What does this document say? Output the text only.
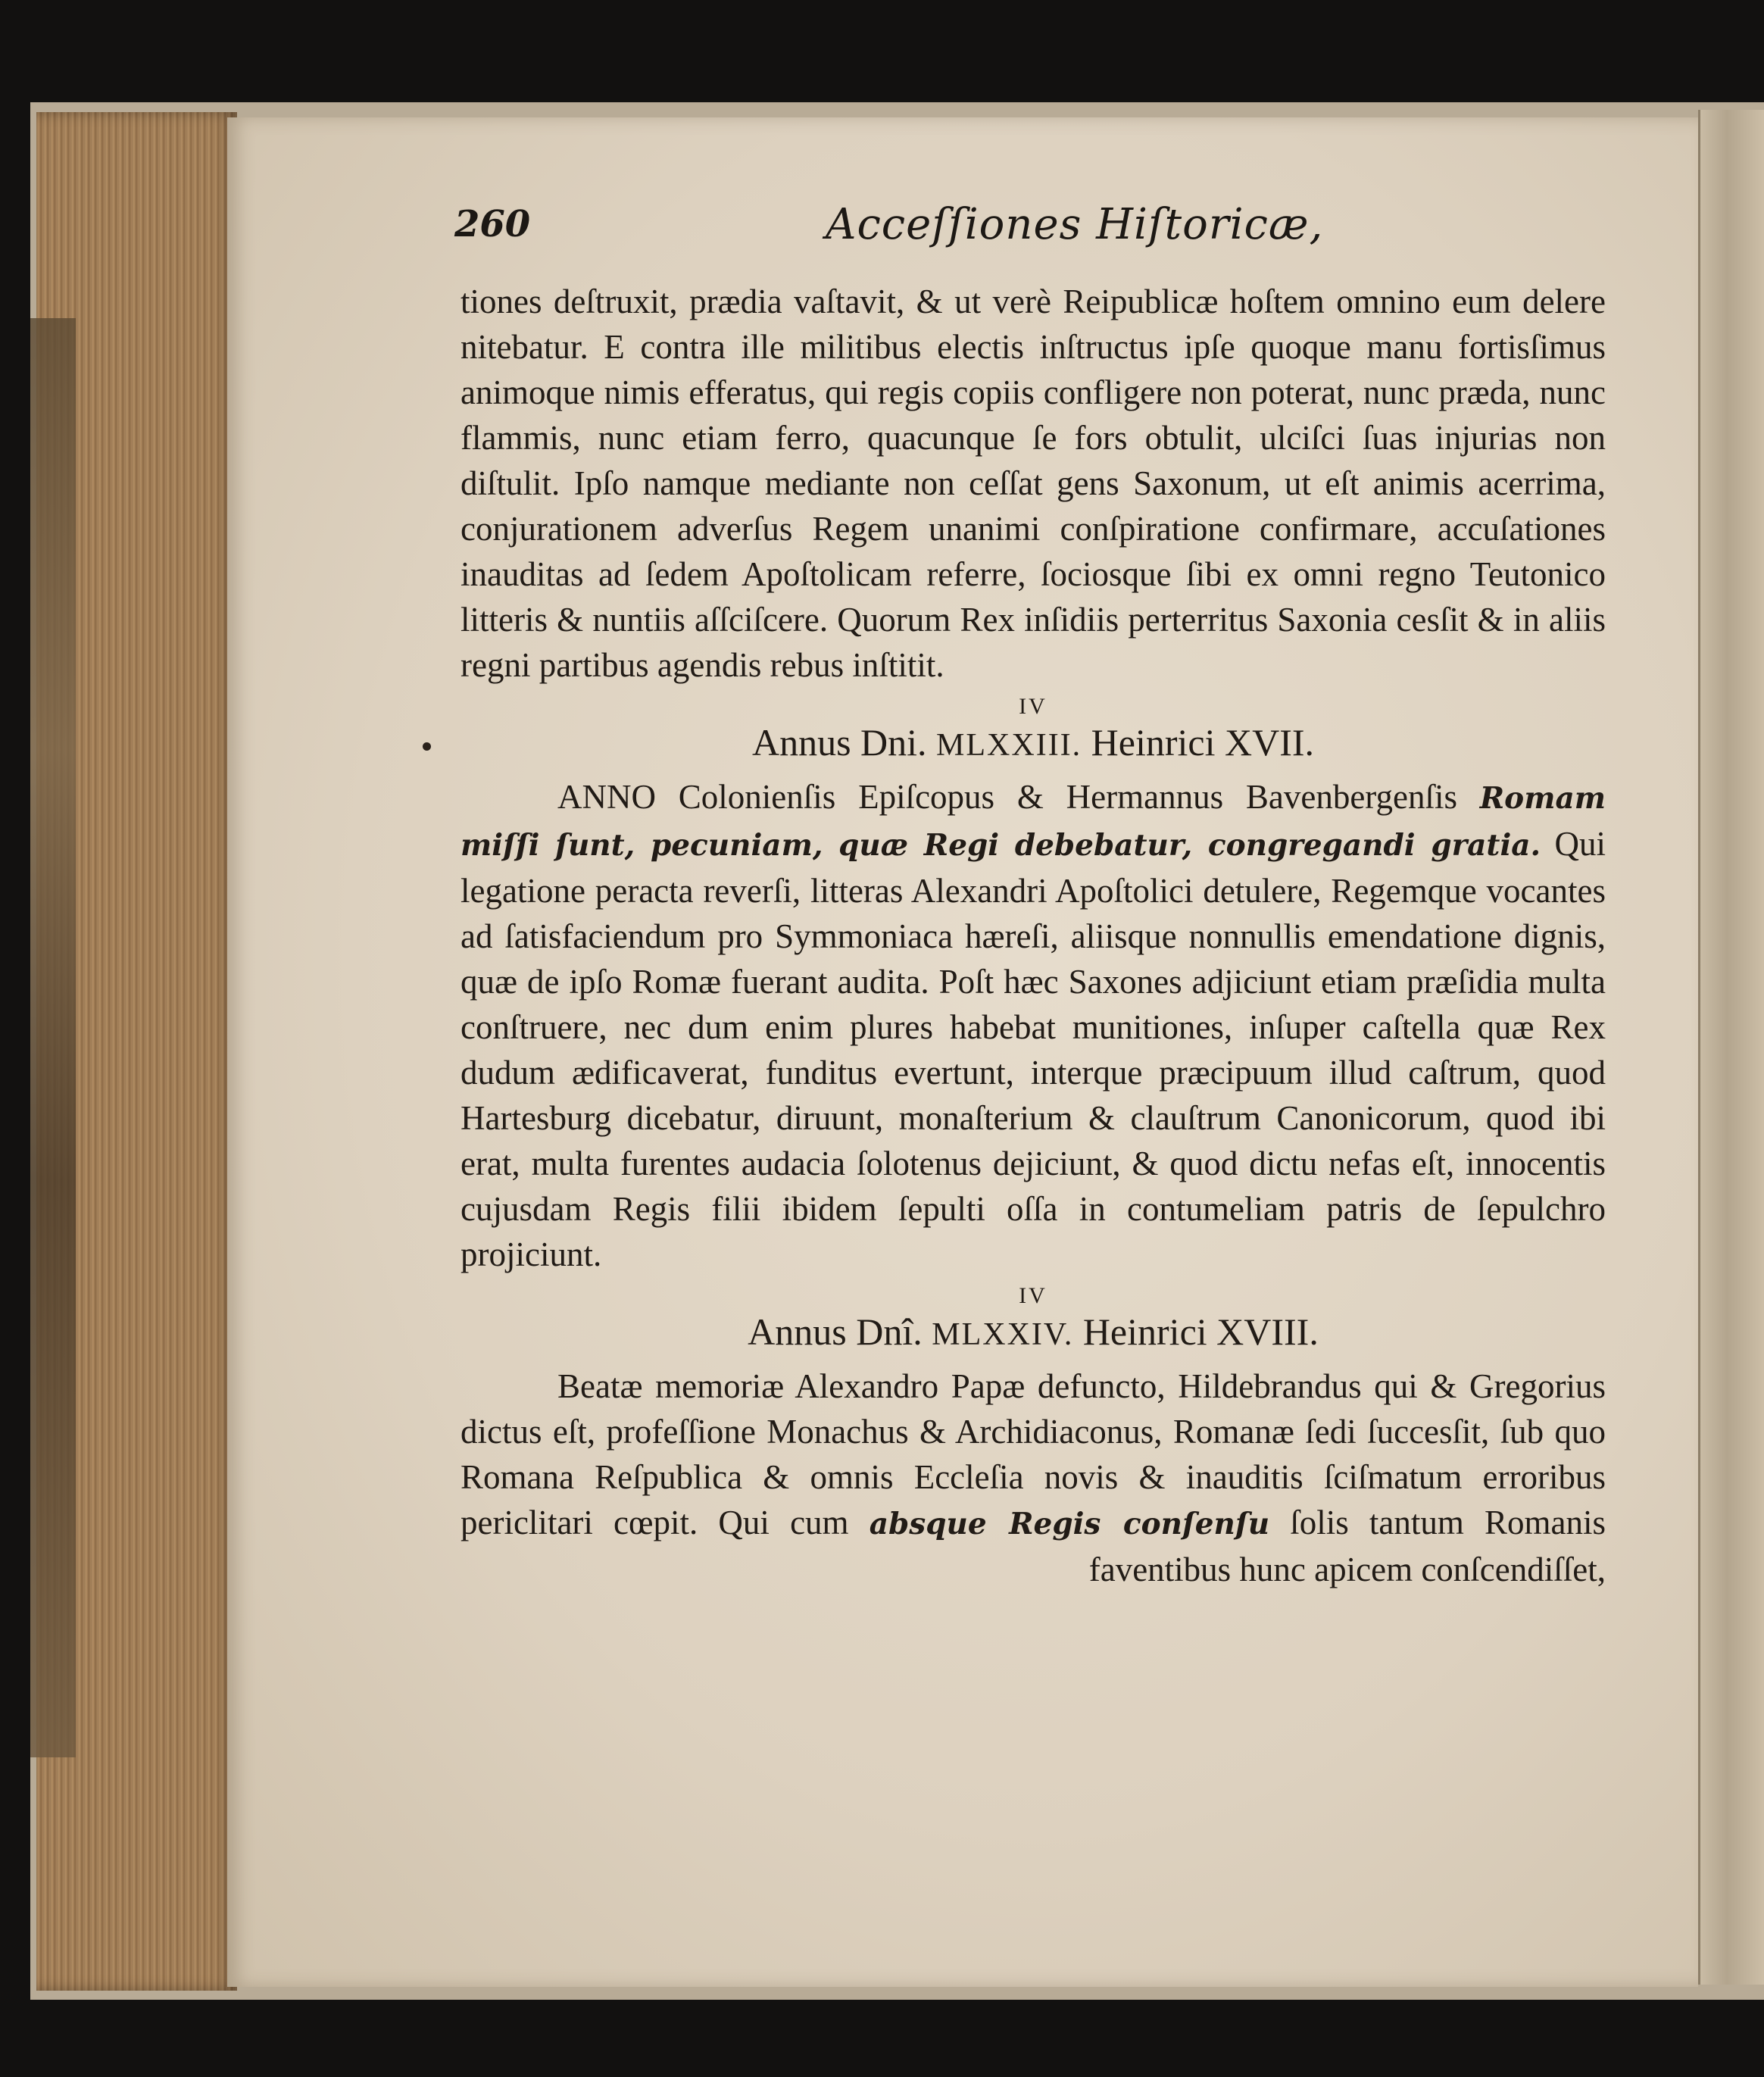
260	Acceſſiones Hiſtoricæ,

tiones deſtruxit, prædia vaſtavit, & ut verè Reipublicæ hoſtem omnino eum delere nitebatur. E contra ille militibus electis inſtructus ipſe quoque manu fortisſimus animoque nimis efferatus, qui regis copiis confligere non poterat, nunc præda, nunc flammis, nunc etiam ferro, quacunque ſe fors obtulit, ulciſci ſuas injurias non diſtulit. Ipſo namque mediante non ceſſat gens Saxonum, ut eſt animis acerrima, conjurationem adverſus Regem unanimi conſpiratione confirmare, accuſationes inauditas ad ſedem Apoſtolicam referre, ſociosque ſibi ex omni regno Teutonico litteris & nuntiis aſſciſcere. Quorum Rex inſidiis perterritus Saxonia cesſit & in aliis regni partibus agendis rebus inſtitit.

IV
Annus Dni. MLXXIII. Heinrici XVII.

ANNO Colonienſis Epiſcopus & Hermannus Bavenbergenſis Romam miſſi ſunt, pecuniam, quæ Regi debebatur, congregandi gratia. Qui legatione peracta reverſi, litteras Alexandri Apoſtolici detulere, Regemque vocantes ad ſatisfaciendum pro Symmoniaca hæreſi, aliisque nonnullis emendatione dignis, quæ de ipſo Romæ fuerant audita. Poſt hæc Saxones adjiciunt etiam præſidia multa conſtruere, nec dum enim plures habebat munitiones, inſuper caſtella quæ Rex dudum ædificaverat, funditus evertunt, interque præcipuum illud caſtrum, quod Hartesburg dicebatur, diruunt, monaſterium & clauſtrum Canonicorum, quod ibi erat, multa furentes audacia ſolotenus dejiciunt, & quod dictu nefas eſt, innocentis cujusdam Regis filii ibidem ſepulti oſſa in contumeliam patris de ſepulchro projiciunt.

IV
Annus Dnî. MLXXIV. Heinrici XVIII.

Beatæ memoriæ Alexandro Papæ defuncto, Hildebrandus qui & Gregorius dictus eſt, profeſſione Monachus & Archidiaconus, Romanæ ſedi ſuccesſit, ſub quo Romana Reſpublica & omnis Eccleſia novis & inauditis ſciſmatum erroribus periclitari cœpit. Qui cum absque Regis conſenſu ſolis tantum Romanis faventibus hunc apicem conſcendiſſet,
